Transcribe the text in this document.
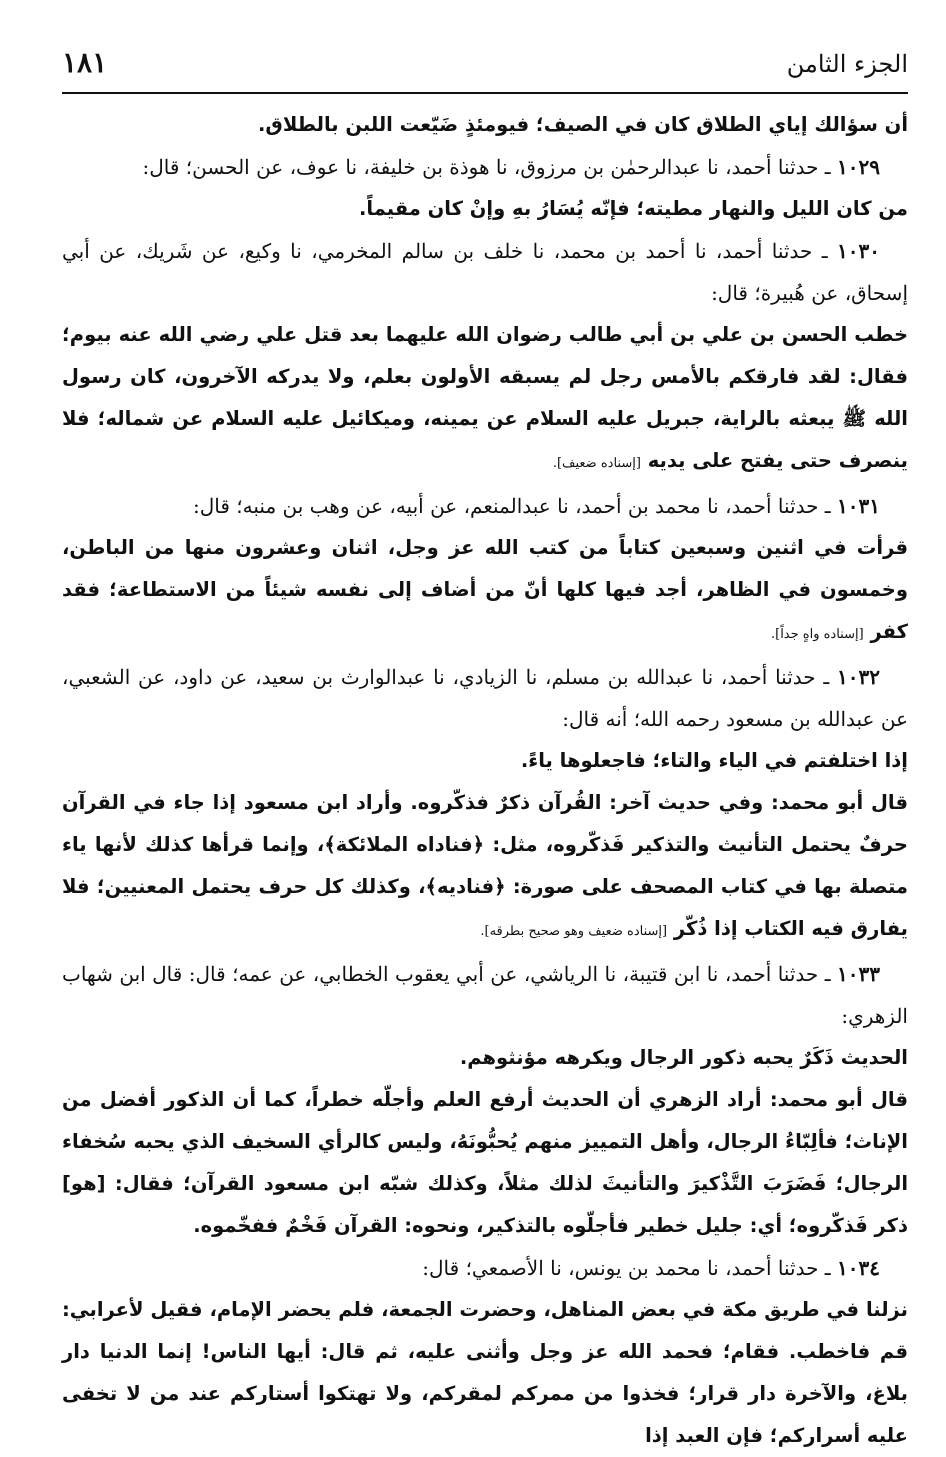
الجزء الثامن
١٨١

أن سؤالك إياي الطلاق كان في الصيف؛ فيومئذٍ ضَيّعت اللبن بالطلاق.

١٠٢٩ ـ حدثنا أحمد، نا عبدالرحمٰن بن مرزوق، نا هوذة بن خليفة، نا عوف، عن الحسن؛ قال:

من كان الليل والنهار مطيته؛ فإنّه يُسَارُ بهِ وإنْ كان مقيماً.

١٠٣٠ ـ حدثنا أحمد، نا أحمد بن محمد، نا خلف بن سالم المخرمي، نا وكيع، عن شَريك، عن أبي إسحاق، عن هُبيرة؛ قال:

خطب الحسن بن علي بن أبي طالب رضوان الله عليهما بعد قتل علي رضي الله عنه بيوم؛ فقال: لقد فارقكم بالأمس رجل لم يسبقه الأولون بعلم، ولا يدركه الآخرون، كان رسول الله ﷺ يبعثه بالراية، جبريل عليه السلام عن يمينه، وميكائيل عليه السلام عن شماله؛ فلا ينصرف حتى يفتح على يديه [إسناده ضعيف].

١٠٣١ ـ حدثنا أحمد، نا محمد بن أحمد، نا عبدالمنعم، عن أبيه، عن وهب بن منبه؛ قال:

قرأت في اثنين وسبعين كتاباً من كتب الله عز وجل، اثنان وعشرون منها من الباطن، وخمسون في الظاهر، أجد فيها كلها أنّ من أضاف إلى نفسه شيئاً من الاستطاعة؛ فقد كفر [إسناده واهٍ جداً].

١٠٣٢ ـ حدثنا أحمد، نا عبدالله بن مسلم، نا الزيادي، نا عبدالوارث بن سعيد، عن داود، عن الشعبي، عن عبدالله بن مسعود رحمه الله؛ أنه قال:

إذا اختلفتم في الياء والتاء؛ فاجعلوها ياءً.

قال أبو محمد: وفي حديث آخر: القُرآن ذكرٌ فذكّروه. وأراد ابن مسعود إذا جاء في القرآن حرفٌ يحتمل التأنيث والتذكير فَذكّروه، مثل: ﴿فناداه الملائكة﴾، وإنما قرأها كذلك لأنها ياء متصلة بها في كتاب المصحف على صورة: ﴿فناديه﴾، وكذلك كل حرف يحتمل المعنيين؛ فلا يفارق فيه الكتاب إذا ذُكّر [إسناده ضعيف وهو صحيح بطرقه].

١٠٣٣ ـ حدثنا أحمد، نا ابن قتيبة، نا الرياشي، عن أبي يعقوب الخطابي، عن عمه؛ قال: قال ابن شهاب الزهري:

الحديث ذَكَرٌ يحبه ذكور الرجال ويكرهه مؤنثوهم.

قال أبو محمد: أراد الزهري أن الحديث أرفع العلم وأجلّه خطراً، كما أن الذكور أفضل من الإناث؛ فألِبّاءُ الرجال، وأهل التمييز منهم يُحبُّونَهُ، وليس كالرأي السخيف الذي يحبه سُخفاء الرجال؛ فَضَرَبَ التَّذْكيرَ والتأنيثَ لذلك مثلاً، وكذلك شبّه ابن مسعود القرآن؛ فقال: [هو] ذكر فَذكّروه؛ أي: جليل خطير فأجلّوه بالتذكير، ونحوه: القرآن فَخْمٌ ففخّموه.

١٠٣٤ ـ حدثنا أحمد، نا محمد بن يونس، نا الأصمعي؛ قال:

نزلنا في طريق مكة في بعض المناهل، وحضرت الجمعة، فلم يحضر الإمام، فقيل لأعرابي: قم فاخطب. فقام؛ فحمد الله عز وجل وأثنى عليه، ثم قال: أيها الناس! إنما الدنيا دار بلاغ، والآخرة دار قرار؛ فخذوا من ممركم لمقركم، ولا تهتكوا أستاركم عند من لا تخفى عليه أسراركم؛ فإن العبد إذا
